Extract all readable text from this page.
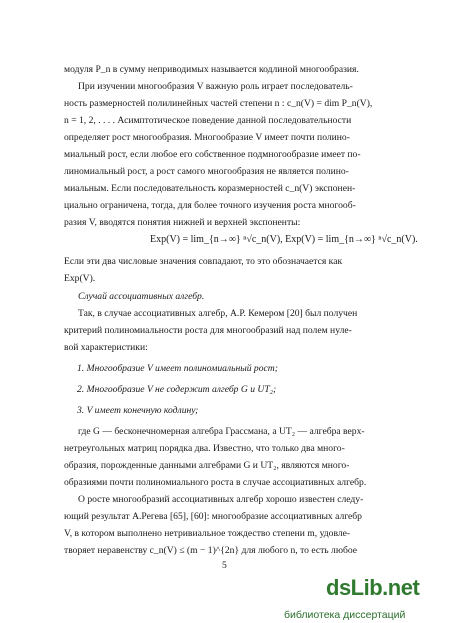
модуля P_n в сумму неприводимых называется кодлиной многообразия.
При изучении многообразия V важную роль играет последователь-
ность размерностей полилинейных частей степени n : c_n(V) = dim P_n(V),
n = 1, 2, . . . . Асимптотическое поведение данной последовательности
определяет рост многообразия. Многообразие V имеет почти полино-
миальный рост, если любое его собственное подмногообразие имеет по-
линомиальный рост, а рост самого многообразия не является полино-
миальным. Если последовательность коразмерностей c_n(V) экспонен-
циально ограничена, тогда, для более точного изучения роста многооб-
разия V, вводятся понятия нижней и верхней экспоненты:
Exp(V) = lim_{n→∞} ⁿ√c_n(V), Exp(V) = lim_{n→∞} ⁿ√c_n(V).
Если эти два числовые значения совпадают, то это обозначается как
Exp(V).
Случай ассоциативных алгебр.
Так, в случае ассоциативных алгебр, А.Р. Кемером [20] был получен
критерий полиномиальности роста для многообразий над полем нуле-
вой характеристики:
1. Многообразие V имеет полиномиальный рост;
2. Многообразие V не содержит алгебр G и UT₂;
3. V имеет конечную кодлину;
где G — бесконечномерная алгебра Грассмана, а UT₂ — алгебра верх-
нетреугольных матриц порядка два. Известно, что только два много-
образия, порожденные данными алгебрами G и UT₂, являются много-
образиями почти полиномиального роста в случае ассоциативных алгебр.
О росте многообразий ассоциативных алгебр хорошо известен следу-
ющий результат А.Регева [65], [60]: многообразие ассоциативных алгебр
V, в котором выполнено нетривиальное тождество степени m, удовле-
творяет неравенству c_n(V) ≤ (m − 1)^{2n} для любого n, то есть любое
5
dsLib.net
библиотека диссертаций
